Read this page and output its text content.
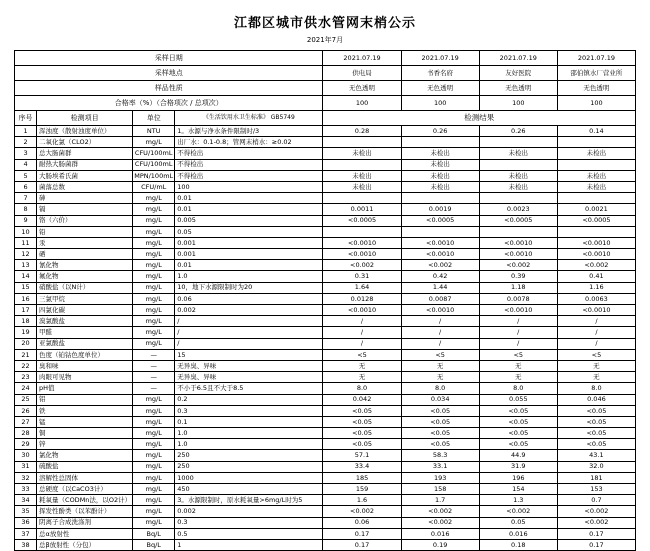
江都区城市供水管网末梢公示
2021年7月
采样日期				2021.07.19	2021.07.19	2021.07.19	2021.07.19
采样地点				供电局	书香名府	友好医院	邵伯镇水厂营业所
样品性质				无色透明	无色透明	无色透明	无色透明
合格率（%）（合格项次 / 总项次）				100	100	100	100
序号	检测项目	单位	《生活饮用水卫生标准》 GB5749	检测结果			
1	浑浊度（散射浊度单位）	NTU	1。水源与净水条件限制时/3	0.28	0.26	0.26	0.14
2	二氧化氯（CLO2）	mg/L	出厂水：0.1-0.8；管网末梢水：≥0.02				
3	总大肠菌群	CFU/100mL	不得检出	未检出	未检出	未检出	未检出
4	耐热大肠菌群	CFU/100mL	不得检出		未检出		
5	大肠埃希氏菌	MPN/100mL	不得检出	未检出	未检出	未检出	未检出
6	菌落总数	CFU/mL	100	未检出	未检出	未检出	未检出
7	砷	mg/L	0.01				
8	镉	mg/L	0.01	0.0011	0.0019	0.0023	0.0021
9	铬（六价）	mg/L	0.005	<0.0005	<0.0005	<0.0005	<0.0005
10	铅	mg/L	0.05				
11	汞	mg/L	0.001	<0.0010	<0.0010	<0.0010	<0.0010
12	硒	mg/L	0.001	<0.0010	<0.0010	<0.0010	<0.0010
13	氰化物	mg/L	0.01	<0.002	<0.002	<0.002	<0.002
14	氟化物	mg/L	1.0	0.31	0.42	0.39	0.41
15	硝酸盐（以N计）	mg/L	10，地下水源限制时为20	1.64	1.44	1.18	1.16
16	三氯甲烷	mg/L	0.06	0.0128	0.0087	0.0078	0.0063
17	四氯化碳	mg/L	0.002	<0.0010	<0.0010	<0.0010	<0.0010
18	溴氯酸盐	mg/L	/	/	/	/	/
19	甲醛	mg/L	/	/	/	/	/
20	亚氯酸盐	mg/L	/	/	/	/	/
21	色度（铂钴色度单位）	—	15	<5	<5	<5	<5
22	臭和味	—	无异臭、异味	无	无	无	无
23	肉眼可见物	—	无异臭、异味	无	无	无	无
24	pH值	—	不小于6.5且不大于8.5	8.0	8.0	8.0	8.0
25	铝	mg/L	0.2	0.042	0.034	0.055	0.046
26	铁	mg/L	0.3	<0.05	<0.05	<0.05	<0.05
27	锰	mg/L	0.1	<0.05	<0.05	<0.05	<0.05
28	铜	mg/L	1.0	<0.05	<0.05	<0.05	<0.05
29	锌	mg/L	1.0	<0.05	<0.05	<0.05	<0.05
30	氯化物	mg/L	250	57.1	58.3	44.9	43.1
31	硫酸盐	mg/L	250	33.4	33.1	31.9	32.0
32	溶解性总固体	mg/L	1000	185	193	196	181
33	总硬度（以CaCO3计）	mg/L	450	159	158	154	153
34	耗氧量（CODMn法，以O2计）	mg/L	3。水源限制时，原水耗氧量>6mg/L时为5	1.6	1.7	1.3	0.7
35	挥发性酚类（以苯酚计）	mg/L	0.002	<0.002	<0.002	<0.002	<0.002
36	阴离子合成洗涤剂	mg/L	0.3	0.06	<0.002	0.05	<0.002
37	总α放射性	Bq/L	0.5	0.17	0.016	0.016	0.17
38	总β放射性（分包）	Bq/L	1	0.17	0.19	0.18	0.17
